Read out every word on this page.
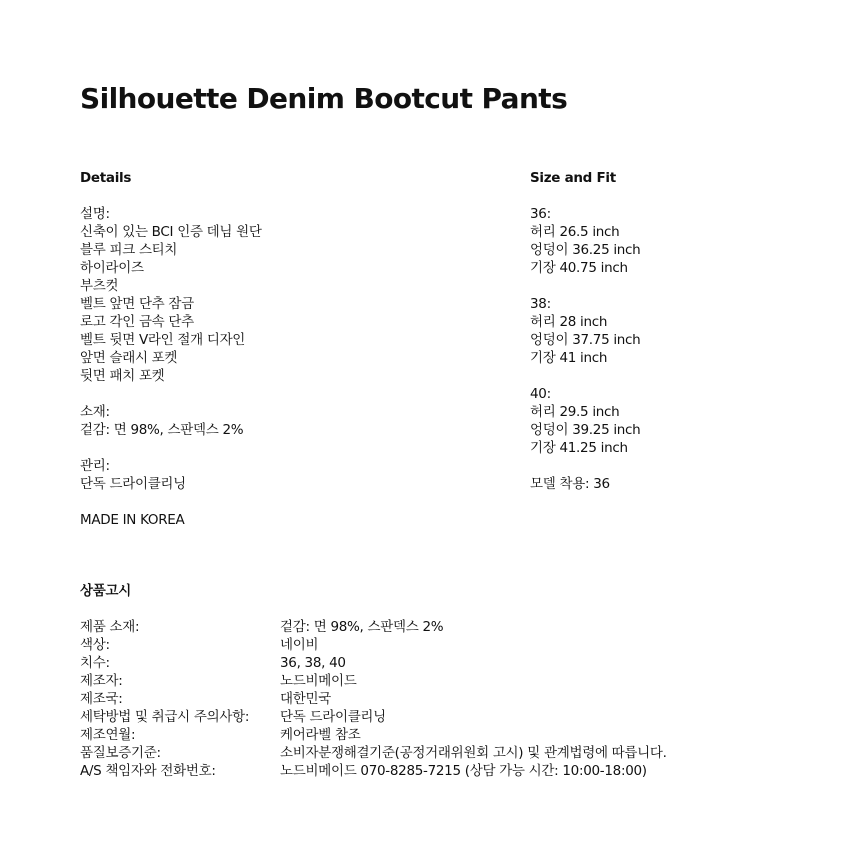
Silhouette Denim Bootcut Pants
Details
설명:
신축이 있는 BCI 인증 데님 원단
블루 피크 스티치
하이라이즈
부츠컷
벨트 앞면 단추 잠금
로고 각인 금속 단추
벨트 뒷면 V라인 절개 디자인
앞면 슬래시 포켓
뒷면 패치 포켓
소재:
겉감: 면 98%, 스판덱스 2%
관리:
단독 드라이클리닝
MADE IN KOREA
Size and Fit
36:
허리 26.5 inch
엉덩이 36.25 inch
기장 40.75 inch
38:
허리 28 inch
엉덩이 37.75 inch
기장 41 inch
40:
허리 29.5 inch
엉덩이 39.25 inch
기장 41.25 inch
모델 착용: 36
상품고시
제품 소재:	겉감: 면 98%, 스판덱스 2%
색상:	네이비
치수:	36, 38, 40
제조자:	노드비메이드
제조국:	대한민국
세탁방법 및 취급시 주의사항:	단독 드라이클리닝
제조연월:	케어라벨 참조
품질보증기준:	소비자분쟁해결기준(공정거래위원회 고시) 및 관계법령에 따릅니다.
A/S 책임자와 전화번호:	노드비메이드 070-8285-7215 (상담 가능 시간: 10:00-18:00)
